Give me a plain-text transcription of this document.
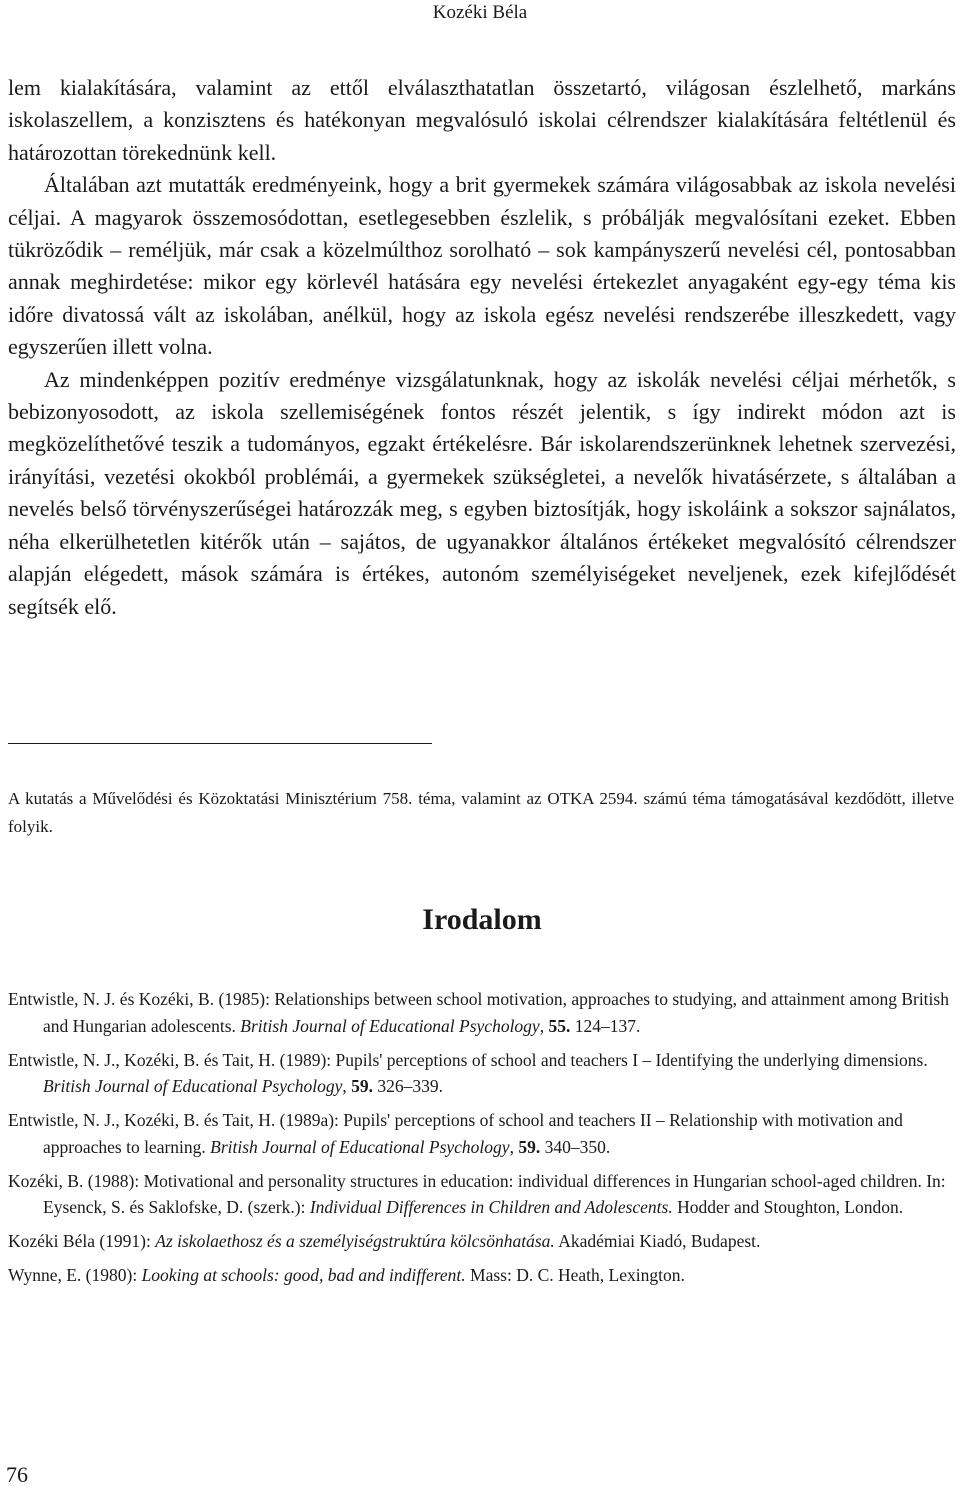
Kozéki Béla

lem kialakítására, valamint az ettől elválaszthatatlan összetartó, világosan észlelhető, markáns iskolaszellem, a konzisztens és hatékonyan megvalósuló iskolai célrendszer kialakítására feltétlenül és határozottan törekednünk kell.

Általában azt mutatták eredményeink, hogy a brit gyermekek számára világosabbak az iskola nevelési céljai. A magyarok összemosódottan, esetlegesebben észlelik, s próbálják megvalósítani ezeket. Ebben tükröződik – reméljük, már csak a közelmúlthoz sorolható – sok kampányszerű nevelési cél, pontosabban annak meghirdetése: mikor egy körlevél hatására egy nevelési értekezlet anyagaként egy-egy téma kis időre divatossá vált az iskolában, anélkül, hogy az iskola egész nevelési rendszerébe illeszkedett, vagy egyszerűen illett volna.

Az mindenképpen pozitív eredménye vizsgálatunknak, hogy az iskolák nevelési céljai mérhetők, s bebizonyosodott, az iskola szellemiségének fontos részét jelentik, s így indirekt módon azt is megközelíthetővé teszik a tudományos, egzakt értékelésre. Bár iskolarendszerünknek lehetnek szervezési, irányítási, vezetési okokból problémái, a gyermekek szükségletei, a nevelők hivatásérzete, s általában a nevelés belső törvényszerűségei határozzák meg, s egyben biztosítják, hogy iskoláink a sokszor sajnálatos, néha elkerülhetetlen kitérők után – sajátos, de ugyanakkor általános értékeket megvalósító célrendszer alapján elégedett, mások számára is értékes, autonóm személyiségeket neveljenek, ezek kifejlődését segítsék elő.

A kutatás a Művelődési és Közoktatási Minisztérium 758. téma, valamint az OTKA 2594. számú téma támogatásával kezdődött, illetve folyik.
Irodalom
Entwistle, N. J. és Kozéki, B. (1985): Relationships between school motivation, approaches to studying, and attainment among British and Hungarian adolescents. British Journal of Educational Psychology, 55. 124–137.
Entwistle, N. J., Kozéki, B. és Tait, H. (1989): Pupils' perceptions of school and teachers I – Identifying the underlying dimensions. British Journal of Educational Psychology, 59. 326–339.
Entwistle, N. J., Kozéki, B. és Tait, H. (1989a): Pupils' perceptions of school and teachers II – Relationship with motivation and approaches to learning. British Journal of Educational Psychology, 59. 340–350.
Kozéki, B. (1988): Motivational and personality structures in education: individual differences in Hungarian school-aged children. In: Eysenck, S. és Saklofske, D. (szerk.): Individual Differences in Children and Adolescents. Hodder and Stoughton, London.
Kozéki Béla (1991): Az iskolaethosz és a személyiségstruktúra kölcsönhatása. Akadémiai Kiadó, Budapest.
Wynne, E. (1980): Looking at schools: good, bad and indifferent. Mass: D. C. Heath, Lexington.
76
